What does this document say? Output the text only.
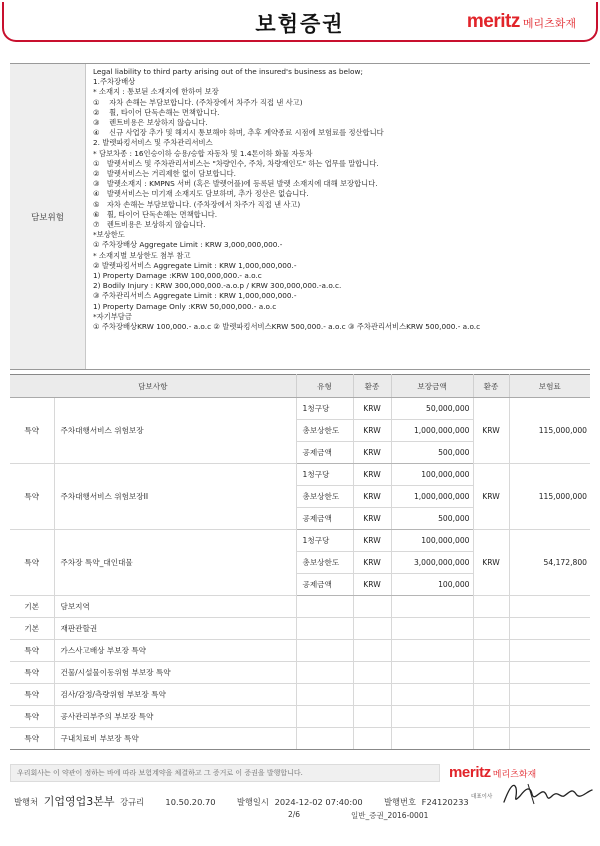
보험증권	meritz 메리츠화재
담보위험
Legal liability to third party arising out of the insured's business as below;
1.주차장배상
* 소재지 : 통보된 소재지에 한하여 보장
①　 자차 손해는 부담보합니다. (주차장에서 차주가 직접 낸 사고)
②　 휠, 타이어 단독손해는 면책합니다.
③　 렌트비용은 보상하지 않습니다.
④　 신규 사업장 추가 및 해지시 통보해야 하며, 추후 계약종료 시점에 보험료를 정산합니다
2. 발렛파킹서비스 및 주차관리서비스
* 담보차종 : 16인승이하 승용/승합 자동차 및 1.4톤이하 화물 자동차
①　발렛서비스 및 주차관리서비스는 "차량인수, 주차, 차량재인도" 하는 업무를 말합니다.
②　발렛서비스는 거리제한 없이 담보합니다.
③　발렛소재지 : KMPNS 서버 (혹은 발렛어플)에 등록된 발렛 소재지에 대해 보장합니다.
④　발렛서비스는 미기재 소재지도 담보하며, 추가 정산은 없습니다.
⑤　자차 손해는 부담보합니다. (주차장에서 차주가 직접 낸 사고)
⑥　휠, 타이어 단독손해는 면책합니다.
⑦　렌트비용은 보상하지 않습니다.
*보상한도
① 주차장배상 Aggregate Limit : KRW 3,000,000,000.-
* 소재지별 보상한도 첨부 참고
② 발렛파킹서비스 Aggregate Limit : KRW 1,000,000,000.-
1) Property Damage :KRW 100,000,000.- a.o.c
2) Bodily Injury : KRW 300,000,000.-a.o.p / KRW 300,000,000.-a.o.c.
③ 주차관리서비스 Aggregate Limit : KRW 1,000,000,000.-
1) Property Damage Only :KRW 50,000,000.- a.o.c
*자기부담금
① 주차장배상KRW 100,000.- a.o.c ② 발렛파킹서비스KRW 500,000.- a.o.c ③ 주차관리서비스KRW 500,000.- a.o.c
담보사항		유형	환종	보장금액	환종	보험료
특약	주차대행서비스 위험보장	1청구당	KRW	50,000,000	KRW	115,000,000
		총보상한도	KRW	1,000,000,000		
		공제금액	KRW	500,000		
특약	주차대행서비스 위험보장II	1청구당	KRW	100,000,000	KRW	115,000,000
		총보상한도	KRW	1,000,000,000		
		공제금액	KRW	500,000		
특약	주차장 특약_대인대물	1청구당	KRW	100,000,000	KRW	54,172,800
		총보상한도	KRW	3,000,000,000		
		공제금액	KRW	100,000		
기본	담보지역					
기본	재판관할권					
특약	가스사고배상 부보장 특약					
특약	건물/시설물이동위험 부보장 특약					
특약	검사/감정/측량위험 부보장 특약					
특약	공사관리부주의 부보장 특약					
특약	구내치료비 부보장 특약					
우리회사는 이 약관이 정하는 바에 따라 보험계약을 체결하고 그 증거로 이 증권을 발행합니다.	meritz 메리츠화재
대표이사
발행처 기업영업3본부 강규리	10.50.20.70	발행일시 2024-12-02 07:40:00	발행번호 F24120233
2/6	일반_증권_2016-0001
